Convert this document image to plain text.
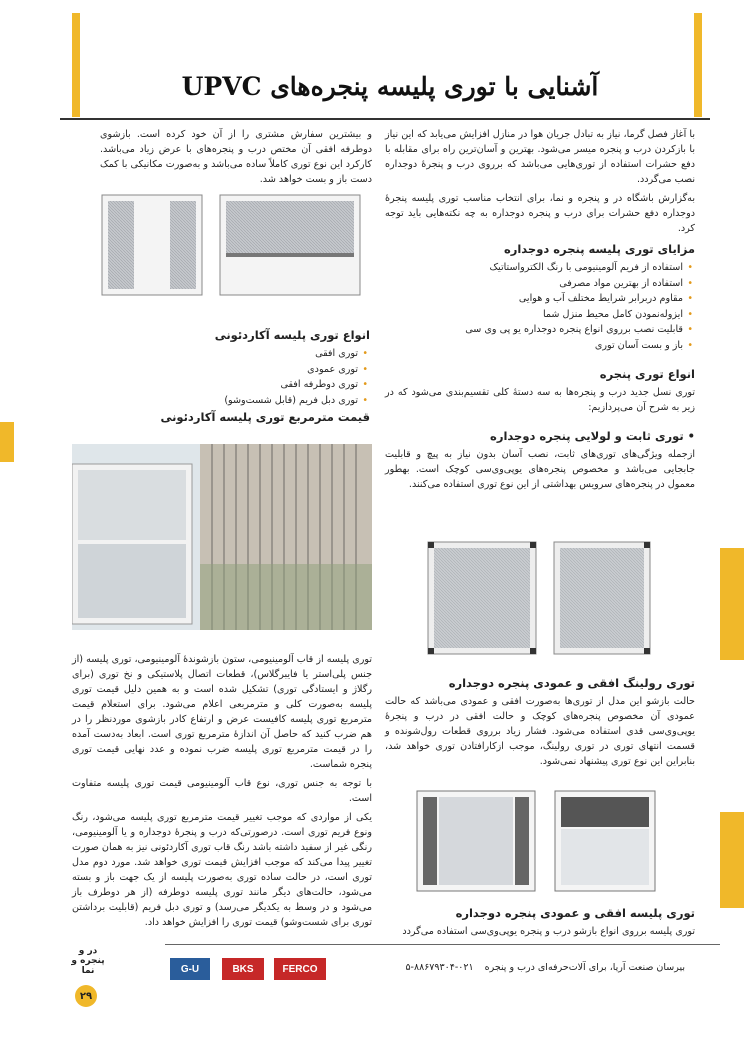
آشنایی با توری پلیسه پنجره‌های UPVC

با آغاز فصل گرما، نیاز به تبادل جریان هوا در منازل افزایش می‌یابد که این نیاز با بازکردن درب و پنجره میسر می‌شود. بهترین و آسان‌ترین راه برای مقابله با دفع حشرات استفاده از توری‌هایی می‌باشد که برروی درب و پنجرۀ دوجداره نصب می‌گردد.

به‌گزارش باشگاه در و پنجره و نما، برای انتخاب مناسب توری پلیسه پنجرۀ دوجداره دفع حشرات برای درب و پنجره دوجداره به چه نکته‌هایی باید توجه کرد.

مزایای توری پلیسه پنجره دوجداره
• استفاده از فریم آلومینیومی با رنگ الکترواستاتیک
• استفاده از بهترین مواد مصرفی
• مقاوم دربرابر شرایط مختلف آب و هوایی
• ایزوله‌نمودن کامل محیط منزل شما
• قابلیت نصب برروی انواع پنجره دوجداره یو پی وی سی
• باز و بست آسان توری
انواع توری پنجره

توری نسل جدید درب و پنجره‌ها به سه دستۀ کلی تقسیم‌بندی می‌شود که در زیر به شرح آن می‌پردازیم:

• توری ثابت و لولایی پنجره دوجداره

ازجمله ویژگی‌های توری‌های ثابت، نصب آسان بدون نیاز به پیچ و قابلیت جابجایی می‌باشد و مخصوص پنجره‌های یوپی‌وی‌سی کوچک است. بهطور معمول در پنجره‌های سرویس بهداشتی از این نوع توری استفاده می‌کنند.

توری رولینگ افقی و عمودی پنجره دوجداره

حالت بازشو این مدل از توری‌ها به‌صورت افقی و عمودی می‌باشد که حالت عمودی آن مخصوص پنجره‌های کوچک و حالت افقی در درب و پنجرۀ یوپی‌وی‌سی قدی استفاده می‌شود. فشار زیاد برروی قطعات رول‌شونده و قسمت انتهای توری در توری رولینگ، موجب ازکارافتادن توری خواهد شد، بنابراین این نوع توری پیشنهاد نمی‌شود.

توری پلیسه افقی و عمودی پنجره دوجداره

توری پلیسه برروی انواع بازشو درب و پنجره یوپی‌وی‌سی استفاده می‌گردد

و بیشترین سفارش مشتری را از آن خود کرده است. بازشوی دوطرفه افقی آن مختص درب و پنجره‌های با عرض زیاد می‌باشد. کارکرد این نوع توری کاملاً ساده می‌باشد و به‌صورت مکانیکی با کمک دست باز و بست خواهد شد.

انواع توری پلیسه آکاردئونی
• توری افقی
• توری عمودی
• توری دوطرفه افقی
• توری دبل فریم (قابل شست‌وشو)
قیمت مترمربع توری پلیسه آکاردئونی

توری پلیسه از قاب آلومینیومی، ستون بازشوندۀ آلومینیومی، توری پلیسه (از جنس پلی‌استر یا فایبرگلاس)، قطعات اتصال پلاستیکی و نخ توری (برای رگلاژ و ایستادگی توری) تشکیل شده است و به همین دلیل قیمت توری پلیسه به‌صورت کلی و مترمربعی اعلام می‌شود. برای استعلام قیمت مترمربع توری پلیسه کافیست عرض و ارتفاع کادر بازشوی موردنظر را در هم ضرب کنید که حاصل آن اندازۀ مترمربع توری است. ابعاد به‌دست آمده را در قیمت مترمربع توری پلیسه ضرب نموده و عدد نهایی قیمت توری پنجره شماست.

با توجه به جنس توری، نوع قاب آلومینیومی قیمت توری پلیسه متفاوت است.

یکی از مواردی که موجب تغییر قیمت مترمربع توری پلیسه می‌شود، رنگ ونوع فریم توری است. درصورتی‌که درب و پنجرۀ دوجداره و یا آلومینیومی، رنگی غیر از سفید داشته باشد رنگ قاب توری آکاردئونی نیز به همان صورت تغییر پیدا می‌کند که موجب افزایش قیمت توری خواهد شد. مورد دوم مدل توری است، در حالت ساده توری به‌صورت پلیسه از یک جهت باز و بسته می‌شود، حالت‌های دیگر مانند توری پلیسه دوطرفه (از هر دوطرف باز می‌شود و در وسط به یکدیگر می‌رسد) و توری دبل فریم (قابلیت برداشتن توری برای شست‌وشو) قیمت توری را افزایش خواهد داد.

بیرسان صنعت آریا، برای آلات‌حرفه‌ای درب و پنجره ۰۲۱-۸۸۶۷۹۳۰۴-۵
G-U	BKS	FERCO
در و پنجره و نما
۲۹
